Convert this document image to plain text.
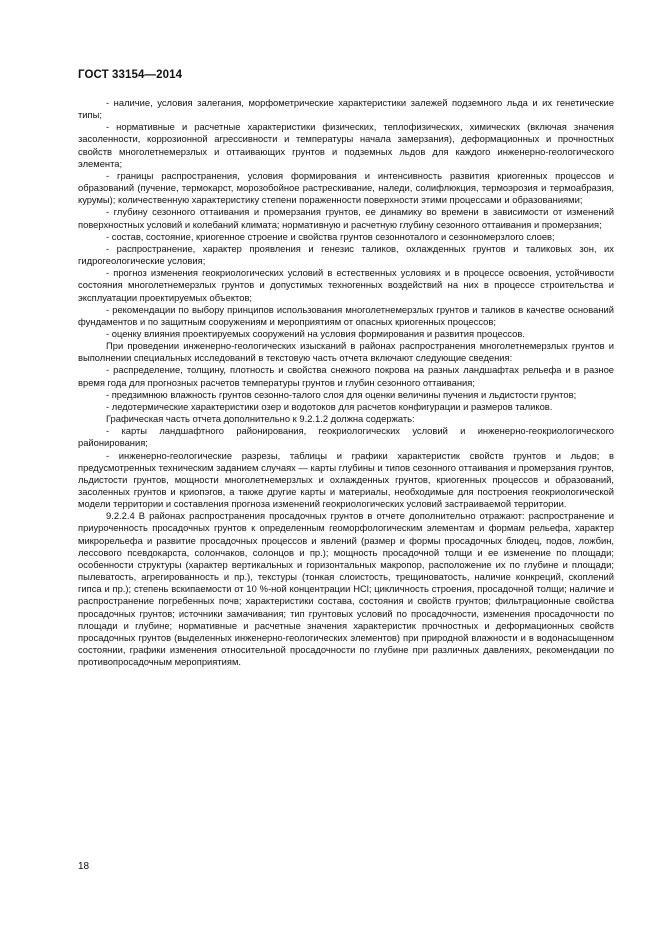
ГОСТ 33154—2014

- наличие, условия залегания, морфометрические характеристики залежей подземного льда и их генетические типы;

- нормативные и расчетные характеристики физических, теплофизических, химических (включая значения засоленности, коррозионной агрессивности и температуры начала замерзания), деформационных и прочностных свойств многолетнемерзлых и оттаивающих грунтов и подземных льдов для каждого инженерно-геологического элемента;

- границы распространения, условия формирования и интенсивность развития криогенных процессов и образований (пучение, термокарст, морозобойное растрескивание, наледи, солифлюкция, термоэрозия и термоабразия, курумы); количественную характеристику степени пораженности поверхности этими процессами и образованиями;

- глубину сезонного оттаивания и промерзания грунтов, ее динамику во времени в зависимости от изменений поверхностных условий и колебаний климата; нормативную и расчетную глубину сезонного оттаивания и промерзания;

- состав, состояние, криогенное строение и свойства грунтов сезонноталого и сезонномерзлого слоев;

- распространение, характер проявления и генезис таликов, охлажденных грунтов и таликовых зон, их гидрогеологические условия;

- прогноз изменения геокриологических условий в естественных условиях и в процессе освоения, устойчивости состояния многолетнемерзлых грунтов и допустимых техногенных воздействий на них в процессе строительства и эксплуатации проектируемых объектов;

- рекомендации по выбору принципов использования многолетнемерзлых грунтов и таликов в качестве оснований фундаментов и по защитным сооружениям и мероприятиям от опасных криогенных процессов;

- оценку влияния проектируемых сооружений на условия формирования и развития процессов.

При проведении инженерно-геологических изысканий в районах распространения многолетнемерзлых грунтов и выполнении специальных исследований в текстовую часть отчета включают следующие сведения:

- распределение, толщину, плотность и свойства снежного покрова на разных ландшафтах рельефа и в разное время года для прогнозных расчетов температуры грунтов и глубин сезонного оттаивания;

- предзимнюю влажность грунтов сезонно-талого слоя для оценки величины пучения и льдистости грунтов;

- ледотермические характеристики озер и водотоков для расчетов конфигурации и размеров таликов.

Графическая часть отчета дополнительно к 9.2.1.2 должна содержать:

- карты ландшафтного районирования, геокриологических условий и инженерно-геокриологического районирования;

- инженерно-геологические разрезы, таблицы и графики характеристик свойств грунтов и льдов; в предусмотренных техническим заданием случаях — карты глубины и типов сезонного оттаивания и промерзания грунтов, льдистости грунтов, мощности многолетнемерзлых и охлажденных грунтов, криогенных процессов и образований, засоленных грунтов и криопэгов, а также другие карты и материалы, необходимые для построения геокриологической модели территории и составления прогноза изменений геокриологических условий застраиваемой территории.

9.2.2.4 В районах распространения просадочных грунтов в отчете дополнительно отражают: распространение и приуроченность просадочных грунтов к определенным геоморфологическим элементам и формам рельефа, характер микрорельефа и развитие просадочных процессов и явлений (размер и формы просадочных блюдец, подов, ложбин, лессового псевдокарста, солончаков, солонцов и пр.); мощность просадочной толщи и ее изменение по площади; особенности структуры (характер вертикальных и горизонтальных макропор, расположение их по глубине и площади; пылеватость, агрегированность и пр.), текстуры (тонкая слоистость, трещиноватость, наличие конкреций, скоплений гипса и пр.); степень вскипаемости от 10 %-ной концентрации HCl; цикличность строения, просадочной толщи; наличие и распространение погребенных почв; характеристики состава, состояния и свойств грунтов; фильтрационные свойства просадочных грунтов; источники замачивания; тип грунтовых условий по просадочности, изменения просадочности по площади и глубине; нормативные и расчетные значения характеристик прочностных и деформационных свойств просадочных грунтов (выделенных инженерно-геологических элементов) при природной влажности и в водонасыщенном состоянии, графики изменения относительной просадочности по глубине при различных давлениях, рекомендации по противопросадочным мероприятиям.

18
